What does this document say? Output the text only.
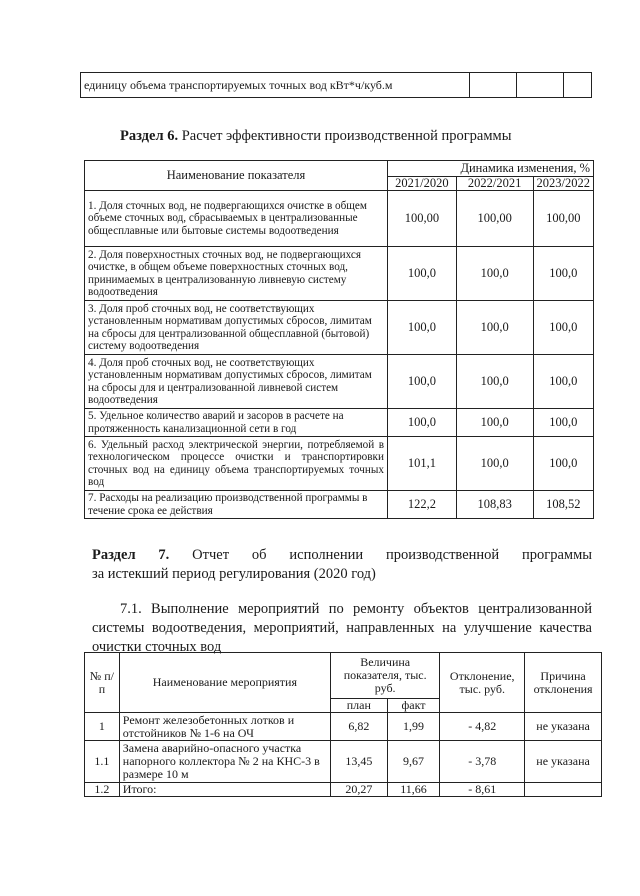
единицу объема транспортируемых точных вод кВт*ч/куб.м			
Раздел 6. Расчет эффективности производственной программы
Наименование показателя	Динамика изменения, %		
	2021/2020	2022/2021	2023/2022
1. Доля сточных вод, не подвергающихся очистке в общем объеме сточных вод, сбрасываемых в централизованные общесплавные или бытовые системы водоотведения	100,00	100,00	100,00
2. Доля поверхностных сточных вод, не подвергающихся очистке, в общем объеме поверхностных сточных вод, принимаемых в централизованную ливневую систему водоотведения	100,0	100,0	100,0
3. Доля проб сточных вод, не соответствующих установленным нормативам допустимых сбросов, лимитам на сбросы для централизованной общесплавной (бытовой) систему водоотведения	100,0	100,0	100,0
4. Доля проб сточных вод, не соответствующих установленным нормативам допустимых сбросов, лимитам на сбросы для и централизованной ливневой систем водоотведения	100,0	100,0	100,0
5. Удельное количество аварий и засоров в расчете на протяженность канализационной сети в год	100,0	100,0	100,0
6. Удельный расход электрической энергии, потребляемой в технологическом процессе очистки и транспортировки сточных вод на единицу объема транспортируемых точных вод	101,1	100,0	100,0
7. Расходы на реализацию производственной программы в течение срока ее действия	122,2	108,83	108,52
Раздел 7. Отчет об исполнении производственной программы
за истекший период регулирования (2020 год)
7.1. Выполнение мероприятий по ремонту объектов централизованной системы водоотведения, мероприятий, направленных на улучшение качества очистки сточных вод
№ п/п	Наименование мероприятия	Величина показателя, тыс. руб.		Отклонение, тыс. руб.	Причина отклонения
		план	факт		
1	Ремонт железобетонных лотков и отстойников № 1-6 на ОЧ	6,82	1,99	- 4,82	не указана
1.1	Замена аварийно-опасного участка напорного коллектора № 2 на КНС-3 в размере 10 м	13,45	9,67	- 3,78	не указана
1.2	Итого:	20,27	11,66	- 8,61	
